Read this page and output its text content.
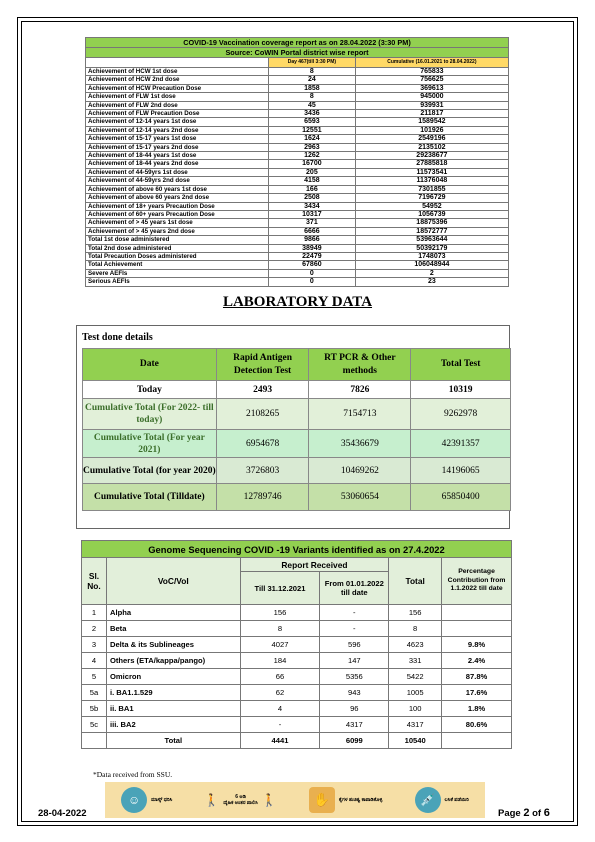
COVID-19 Vaccination coverage report as on 28.04.2022 (3:30 PM)		
Source: CoWIN Portal district wise report		
	Day 467(till 3:30 PM)	Cumulative (16.01.2021 to 28.04.2022)
Achievement of HCW 1st dose	8	765833
Achievement of HCW 2nd dose	24	756625
Achievement of HCW Precaution Dose	1858	369613
Achievement of FLW 1st dose	8	945000
Achievement of FLW 2nd dose	45	939931
Achievement of FLW Precaution Dose	3436	211817
Achievement of 12-14 years 1st dose	6593	1589542
Achievement of 12-14 years 2nd dose	12551	101926
Achievement of 15-17 years 1st dose	1624	2549196
Achievement of 15-17 years 2nd dose	2963	2135102
Achievement of 18-44 years 1st dose	1262	29238677
Achievement of 18-44 years 2nd dose	16700	27885818
Achievement of 44-59yrs 1st dose	205	11573541
Achievement of 44-59yrs 2nd dose	4158	11376048
Achievement of above 60 years 1st dose	166	7301855
Achievement of above 60 years 2nd dose	2508	7196729
Achievement of 18+ years Precaution Dose	3434	54952
Achievement of 60+ years Precaution Dose	10317	1056739
Achievement of > 45 years 1st dose	371	18875396
Achievement of > 45 years 2nd dose	6666	18572777
Total 1st dose administered	9866	53963644
Total 2nd dose administered	38949	50392179
Total Precaution Doses administered	22479	1748073
Total Achievement	67860	106048944
Severe AEFIs	0	2
Serious AEFIs	0	23
LABORATORY DATA
Test done details
Date	Rapid Antigen Detection Test	RT PCR & Other methods	Total Test
Today	2493	7826	10319
Cumulative Total (For 2022- till today)	2108265	7154713	9262978
Cumulative Total (For year 2021)	6954678	35436679	42391357
Cumulative Total (for year 2020)	3726803	10469262	14196065
Cumulative Total (Tilldate)	12789746	53060654	65850400
Genome Sequencing COVID -19 Variants identified as on 27.4.2022					
Sl. No.	VoC/VoI	Report Received		Total	Percentage Contribution from 1.1.2022 till date
		Till 31.12.2021	From 01.01.2022 till date		
1	Alpha	156	-	156	
2	Beta	8	-	8	
3	Delta & its Sublineages	4027	596	4623	9.8%
4	Others (ETA/kappa/pango)	184	147	331	2.4%
5	Omicron	66	5356	5422	87.8%
5a	i. BA1.1.529	62	943	1005	17.6%
5b	ii. BA1	4	96	100	1.8%
5c	iii. BA2	-	4317	4317	80.6%
	Total	4441	6099	10540	
*Data received from SSU.
☺	ಮಾಸ್ಕ್ ಧರಿಸಿ	🚶	6 ಅಡಿ
ದೈಹಿಕ ಅಂತರ ಪಾಲಿಸಿ 🚶	✋	ಕೈಗಳ ಶುಚಿತ್ವ ಕಾಪಾಡಿಕೊಳ್ಳಿ	💉	ಲಸಿಕೆ ಪಡೆಯಿರಿ
28-04-2022	Page 2 of 6
